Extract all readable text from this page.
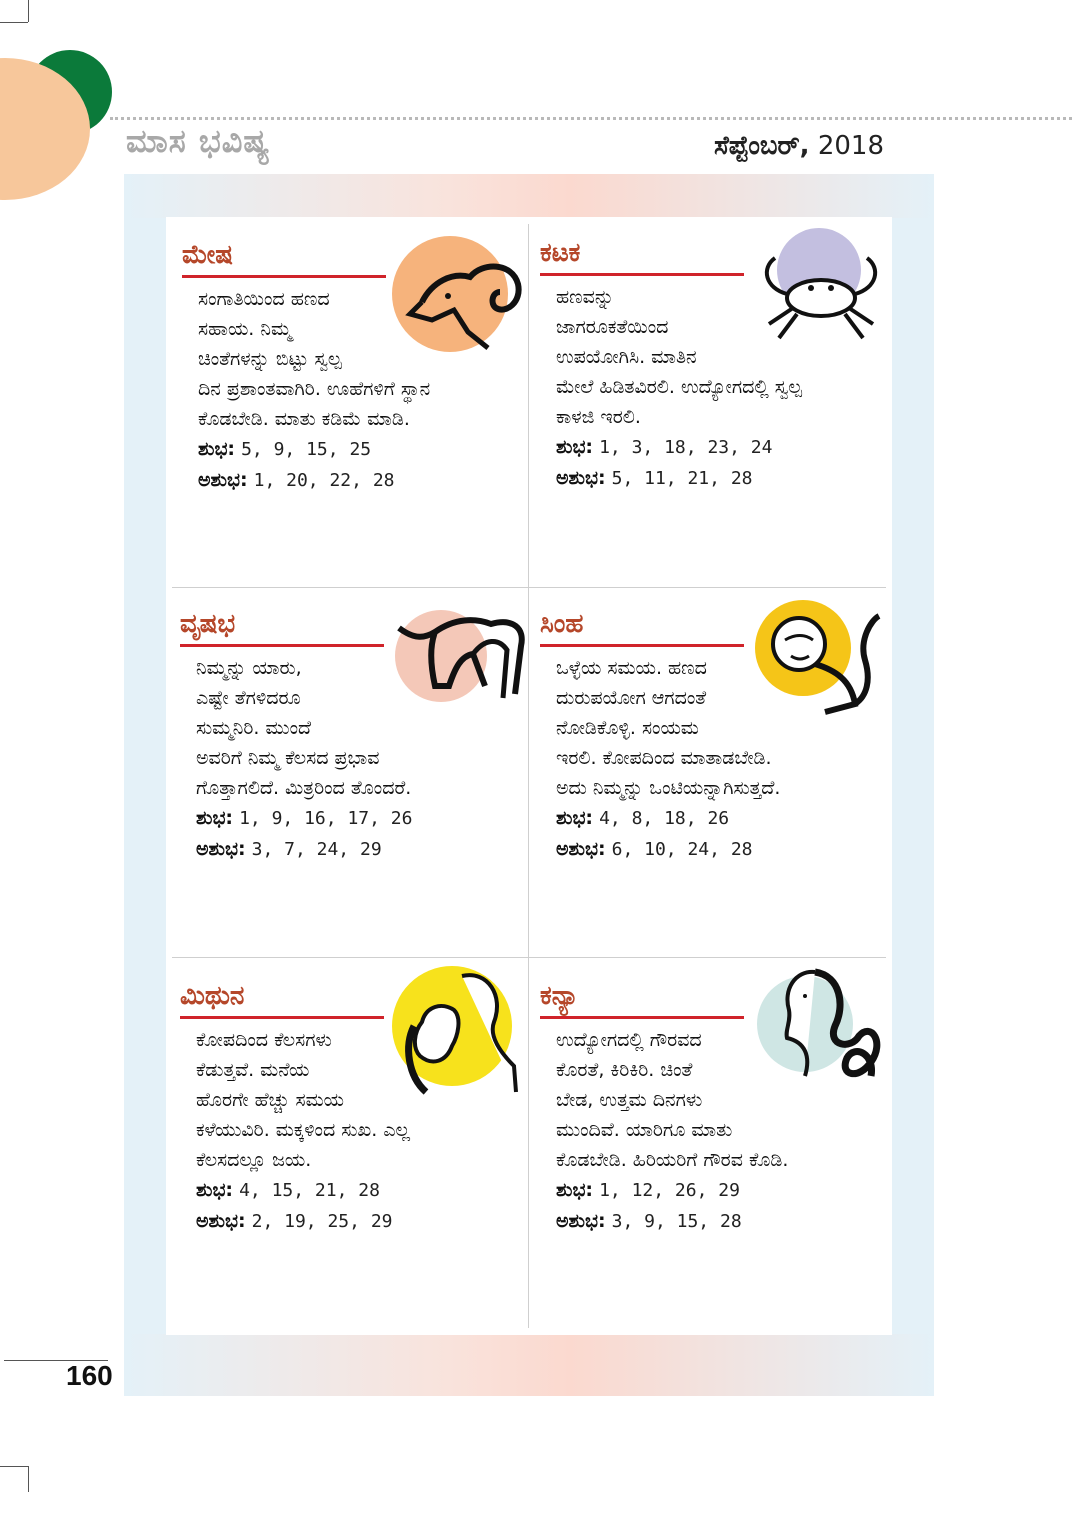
ಮಾಸ ಭವಿಷ್ಯ	ಸೆಪ್ಟೆಂಬರ್, 2018
ಮೇಷ
ಸಂಗಾತಿಯಿಂದ ಹಣದ
ಸಹಾಯ. ನಿಮ್ಮ
ಚಿಂತೆಗಳನ್ನು ಬಿಟ್ಟು ಸ್ವಲ್ಪ
ದಿನ ಪ್ರಶಾಂತವಾಗಿರಿ. ಊಹೆಗಳಿಗೆ ಸ್ಥಾನ
ಕೊಡಬೇಡಿ. ಮಾತು ಕಡಿಮೆ ಮಾಡಿ.
ಶುಭ: 5, 9, 15, 25
ಅಶುಭ: 1, 20, 22, 28
ಕಟಕ
ಹಣವನ್ನು
ಜಾಗರೂಕತೆಯಿಂದ
ಉಪಯೋಗಿಸಿ. ಮಾತಿನ
ಮೇಲೆ ಹಿಡಿತವಿರಲಿ. ಉದ್ಯೋಗದಲ್ಲಿ ಸ್ವಲ್ಪ
ಕಾಳಜಿ ಇರಲಿ.
ಶುಭ: 1, 3, 18, 23, 24
ಅಶುಭ: 5, 11, 21, 28
ವೃಷಭ
ನಿಮ್ಮನ್ನು ಯಾರು,
ಎಷ್ಟೇ ತೆಗಳಿದರೂ
ಸುಮ್ಮನಿರಿ. ಮುಂದೆ
ಅವರಿಗೆ ನಿಮ್ಮ ಕೆಲಸದ ಪ್ರಭಾವ
ಗೊತ್ತಾಗಲಿದೆ. ಮಿತ್ರರಿಂದ ತೊಂದರೆ.
ಶುಭ: 1, 9, 16, 17, 26
ಅಶುಭ: 3, 7, 24, 29
ಸಿಂಹ
ಒಳ್ಳೆಯ ಸಮಯ. ಹಣದ
ದುರುಪಯೋಗ ಆಗದಂತೆ
ನೋಡಿಕೊಳ್ಳಿ. ಸಂಯಮ
ಇರಲಿ. ಕೋಪದಿಂದ ಮಾತಾಡಬೇಡಿ.
ಅದು ನಿಮ್ಮನ್ನು ಒಂಟಿಯನ್ನಾಗಿಸುತ್ತದೆ.
ಶುಭ: 4, 8, 18, 26
ಅಶುಭ: 6, 10, 24, 28
ಮಿಥುನ
ಕೋಪದಿಂದ ಕೆಲಸಗಳು
ಕೆಡುತ್ತವೆ. ಮನೆಯ
ಹೊರಗೇ ಹೆಚ್ಚು ಸಮಯ
ಕಳೆಯುವಿರಿ. ಮಕ್ಕಳಿಂದ ಸುಖ. ಎಲ್ಲ
ಕೆಲಸದಲ್ಲೂ ಜಯ.
ಶುಭ: 4, 15, 21, 28
ಅಶುಭ: 2, 19, 25, 29
ಕನ್ಯಾ
ಉದ್ಯೋಗದಲ್ಲಿ ಗೌರವದ
ಕೊರತೆ, ಕಿರಿಕಿರಿ. ಚಿಂತೆ
ಬೇಡ, ಉತ್ತಮ ದಿನಗಳು
ಮುಂದಿವೆ. ಯಾರಿಗೂ ಮಾತು
ಕೊಡಬೇಡಿ. ಹಿರಿಯರಿಗೆ ಗೌರವ ಕೊಡಿ.
ಶುಭ: 1, 12, 26, 29
ಅಶುಭ: 3, 9, 15, 28
160
